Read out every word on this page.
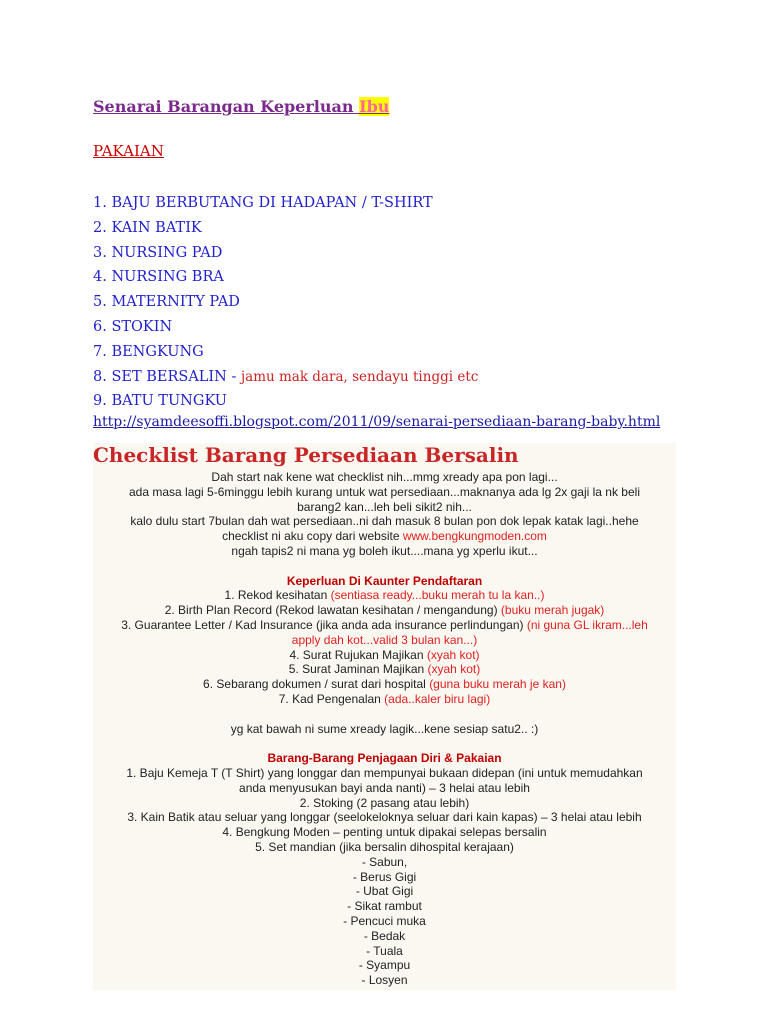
Senarai Barangan Keperluan Ibu
PAKAIAN
1. BAJU BERBUTANG DI HADAPAN / T-SHIRT
2. KAIN BATIK
3. NURSING PAD
4. NURSING BRA
5. MATERNITY PAD
6. STOKIN
7. BENGKUNG
8. SET BERSALIN - jamu mak dara, sendayu tinggi etc
9. BATU TUNGKU
http://syamdeesoffi.blogspot.com/2011/09/senarai-persediaan-barang-baby.html
Checklist Barang Persediaan Bersalin

Dah start nak kene wat checklist nih...mmg xready apa pon lagi...

ada masa lagi 5-6minggu lebih kurang untuk wat persediaan...maknanya ada lg 2x gaji la nk beli

barang2 kan...leh beli sikit2 nih...

kalo dulu start 7bulan dah wat persediaan..ni dah masuk 8 bulan pon dok lepak katak lagi..hehe

checklist ni aku copy dari website www.bengkungmoden.com

ngah tapis2 ni mana yg boleh ikut....mana yg xperlu ikut...

Keperluan Di Kaunter Pendaftaran

1. Rekod kesihatan (sentiasa ready...buku merah tu la kan..)

2. Birth Plan Record (Rekod lawatan kesihatan / mengandung) (buku merah jugak)

3. Guarantee Letter / Kad Insurance (jika anda ada insurance perlindungan) (ni guna GL ikram...leh

apply dah kot...valid 3 bulan kan...)

4. Surat Rujukan Majikan (xyah kot)

5. Surat Jaminan Majikan (xyah kot)

6. Sebarang dokumen / surat dari hospital (guna buku merah je kan)

7. Kad Pengenalan (ada..kaler biru lagi)

yg kat bawah ni sume xready lagik...kene sesiap satu2.. :)

Barang-Barang Penjagaan Diri & Pakaian

1. Baju Kemeja T (T Shirt) yang longgar dan mempunyai bukaan didepan (ini untuk memudahkan

anda menyusukan bayi anda nanti) – 3 helai atau lebih

2. Stoking (2 pasang atau lebih)

3. Kain Batik atau seluar yang longgar (seelokeloknya seluar dari kain kapas) – 3 helai atau lebih

4. Bengkung Moden – penting untuk dipakai selepas bersalin

5. Set mandian (jika bersalin dihospital kerajaan)

- Sabun,

- Berus Gigi

- Ubat Gigi

- Sikat rambut

- Pencuci muka

- Bedak

- Tuala

- Syampu

- Losyen
